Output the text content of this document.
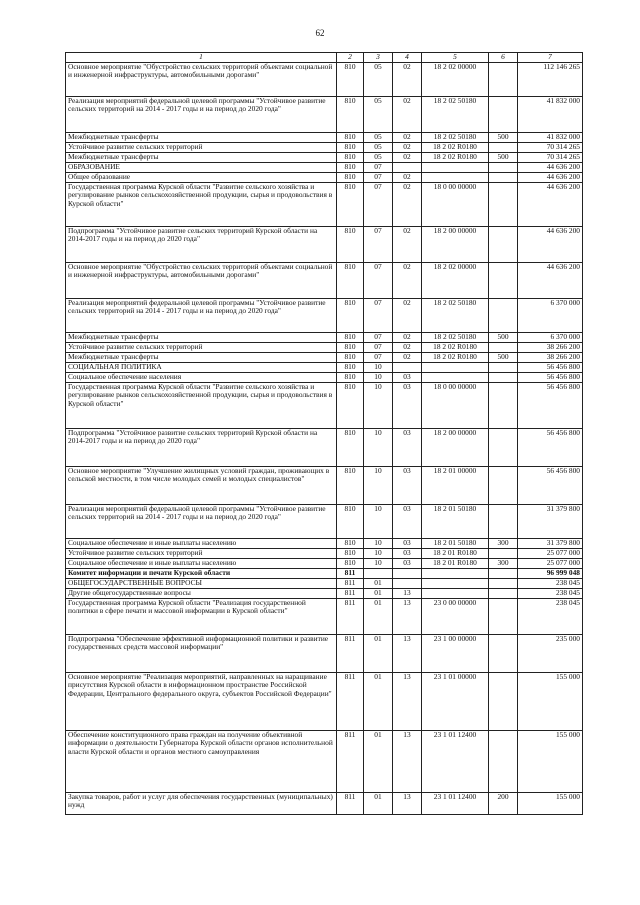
62
1	2	3	4	5	6	7
Основное мероприятие "Обустройство сельских территорий объектами социальной и инженерной инфраструктуры, автомобильными дорогами"	810	05	02	18 2 02 00000		112 146 265
Реализация мероприятий федеральной целевой программы "Устойчивое развитие сельских территорий на 2014 - 2017 годы и на период до 2020 года"	810	05	02	18 2 02 50180		41 832 000
Межбюджетные трансферты	810	05	02	18 2 02 50180	500	41 832 000
Устойчивое развитие сельских территорий	810	05	02	18 2 02 R0180		70 314 265
Межбюджетные трансферты	810	05	02	18 2 02 R0180	500	70 314 265
ОБРАЗОВАНИЕ	810	07				44 636 200
Общее образование	810	07	02			44 636 200
Государственная программа Курской области "Развитие сельского хозяйства и регулирование рынков сельскохозяйственной продукции, сырья и продовольствия в Курской области"	810	07	02	18 0 00 00000		44 636 200
Подпрограмма "Устойчивое развитие сельских территорий Курской области на 2014-2017 годы и на период до 2020 года"	810	07	02	18 2 00 00000		44 636 200
Основное мероприятие "Обустройство сельских территорий объектами социальной и инженерной инфраструктуры, автомобильными дорогами"	810	07	02	18 2 02 00000		44 636 200
Реализация мероприятий федеральной целевой программы "Устойчивое развитие сельских территорий на 2014 - 2017 годы и на период до 2020 года"	810	07	02	18 2 02 50180		6 370 000
Межбюджетные трансферты	810	07	02	18 2 02 50180	500	6 370 000
Устойчивое развитие сельских территорий	810	07	02	18 2 02 R0180		38 266 200
Межбюджетные трансферты	810	07	02	18 2 02 R0180	500	38 266 200
СОЦИАЛЬНАЯ ПОЛИТИКА	810	10				56 456 800
Социальное обеспечение населения	810	10	03			56 456 800
Государственная программа Курской области "Развитие сельского хозяйства и регулирование рынков сельскохозяйственной продукции, сырья и продовольствия в Курской области"	810	10	03	18 0 00 00000		56 456 800
Подпрограмма "Устойчивое развитие сельских территорий Курской области на 2014-2017 годы и на период до 2020 года"	810	10	03	18 2 00 00000		56 456 800
Основное мероприятие "Улучшение жилищных условий граждан, проживающих в сельской местности, в том числе молодых семей и молодых специалистов"	810	10	03	18 2 01 00000		56 456 800
Реализация мероприятий федеральной целевой программы "Устойчивое развитие сельских территорий на 2014 - 2017 годы и на период до 2020 года"	810	10	03	18 2 01 50180		31 379 800
Социальное обеспечение и иные выплаты населению	810	10	03	18 2 01 50180	300	31 379 800
Устойчивое развитие сельских территорий	810	10	03	18 2 01 R0180		25 077 000
Социальное обеспечение и иные выплаты населению	810	10	03	18 2 01 R0180	300	25 077 000
Комитет информации и печати Курской области	811					96 999 048
ОБЩЕГОСУДАРСТВЕННЫЕ ВОПРОСЫ	811	01				238 045
Другие общегосударственные вопросы	811	01	13			238 045
Государственная программа Курской области "Реализация государственной политики в сфере печати и массовой информации в Курской области"	811	01	13	23 0 00 00000		238 045
Подпрограмма "Обеспечение эффективной информационной политики и развитие государственных средств массовой информации"	811	01	13	23 1 00 00000		235 000
Основное мероприятие "Реализация мероприятий, направленных на наращивание присутствия Курской области в информационном пространстве Российской Федерации, Центрального федерального округа, субъектов Российской Федерации"	811	01	13	23 1 01 00000		155 000
Обеспечение конституционного права граждан на получение объективной информации о деятельности Губернатора Курской области органов исполнительной власти Курской области и органов местного самоуправления	811	01	13	23 1 01 12400		155 000
Закупка товаров, работ и услуг для обеспечения государственных (муниципальных) нужд	811	01	13	23 1 01 12400	200	155 000
